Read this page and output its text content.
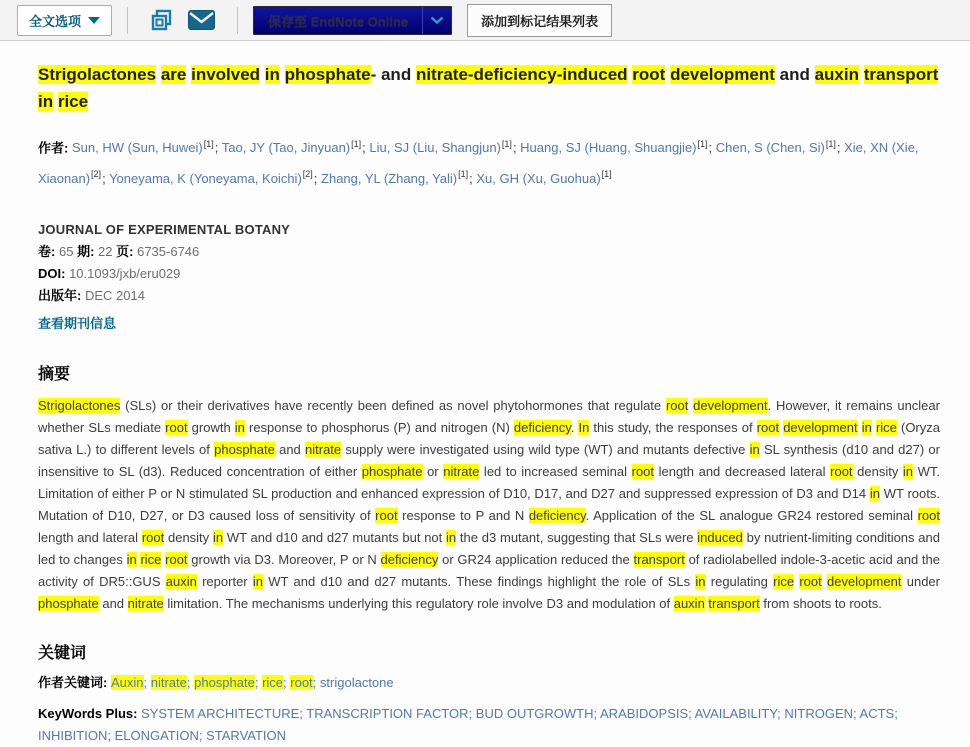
全文选项	保存至 EndNote Online	添加到标记结果列表
Strigolactones are involved in phosphate- and nitrate-deficiency-induced root development and auxin transport in rice

作者: Sun, HW (Sun, Huwei)[1]; Tao, JY (Tao, Jinyuan)[1]; Liu, SJ (Liu, Shangjun)[1]; Huang, SJ (Huang, Shuangjie)[1]; Chen, S (Chen, Si)[1]; Xie, XN (Xie, Xiaonan)[2]; Yoneyama, K (Yoneyama, Koichi)[2]; Zhang, YL (Zhang, Yali)[1]; Xu, GH (Xu, Guohua)[1]

JOURNAL OF EXPERIMENTAL BOTANY
卷: 65 期: 22 页: 6735-6746
DOI: 10.1093/jxb/eru029
出版年: DEC 2014
查看期刊信息
摘要

Strigolactones (SLs) or their derivatives have recently been defined as novel phytohormones that regulate root development. However, it remains unclear whether SLs mediate root growth in response to phosphorus (P) and nitrogen (N) deficiency. In this study, the responses of root development in rice (Oryza sativa L.) to different levels of phosphate and nitrate supply were investigated using wild type (WT) and mutants defective in SL synthesis (d10 and d27) or insensitive to SL (d3). Reduced concentration of either phosphate or nitrate led to increased seminal root length and decreased lateral root density in WT. Limitation of either P or N stimulated SL production and enhanced expression of D10, D17, and D27 and suppressed expression of D3 and D14 in WT roots. Mutation of D10, D27, or D3 caused loss of sensitivity of root response to P and N deficiency. Application of the SL analogue GR24 restored seminal root length and lateral root density in WT and d10 and d27 mutants but not in the d3 mutant, suggesting that SLs were induced by nutrient-limiting conditions and led to changes in rice root growth via D3. Moreover, P or N deficiency or GR24 application reduced the transport of radiolabelled indole-3-acetic acid and the activity of DR5::GUS auxin reporter in WT and d10 and d27 mutants. These findings highlight the role of SLs in regulating rice root development under phosphate and nitrate limitation. The mechanisms underlying this regulatory role involve D3 and modulation of auxin transport from shoots to roots.

关键词
作者关键词: Auxin; nitrate; phosphate; rice; root; strigolactone
KeyWords Plus: SYSTEM ARCHITECTURE; TRANSCRIPTION FACTOR; BUD OUTGROWTH; ARABIDOPSIS; AVAILABILITY; NITROGEN; ACTS; INHIBITION; ELONGATION; STARVATION
